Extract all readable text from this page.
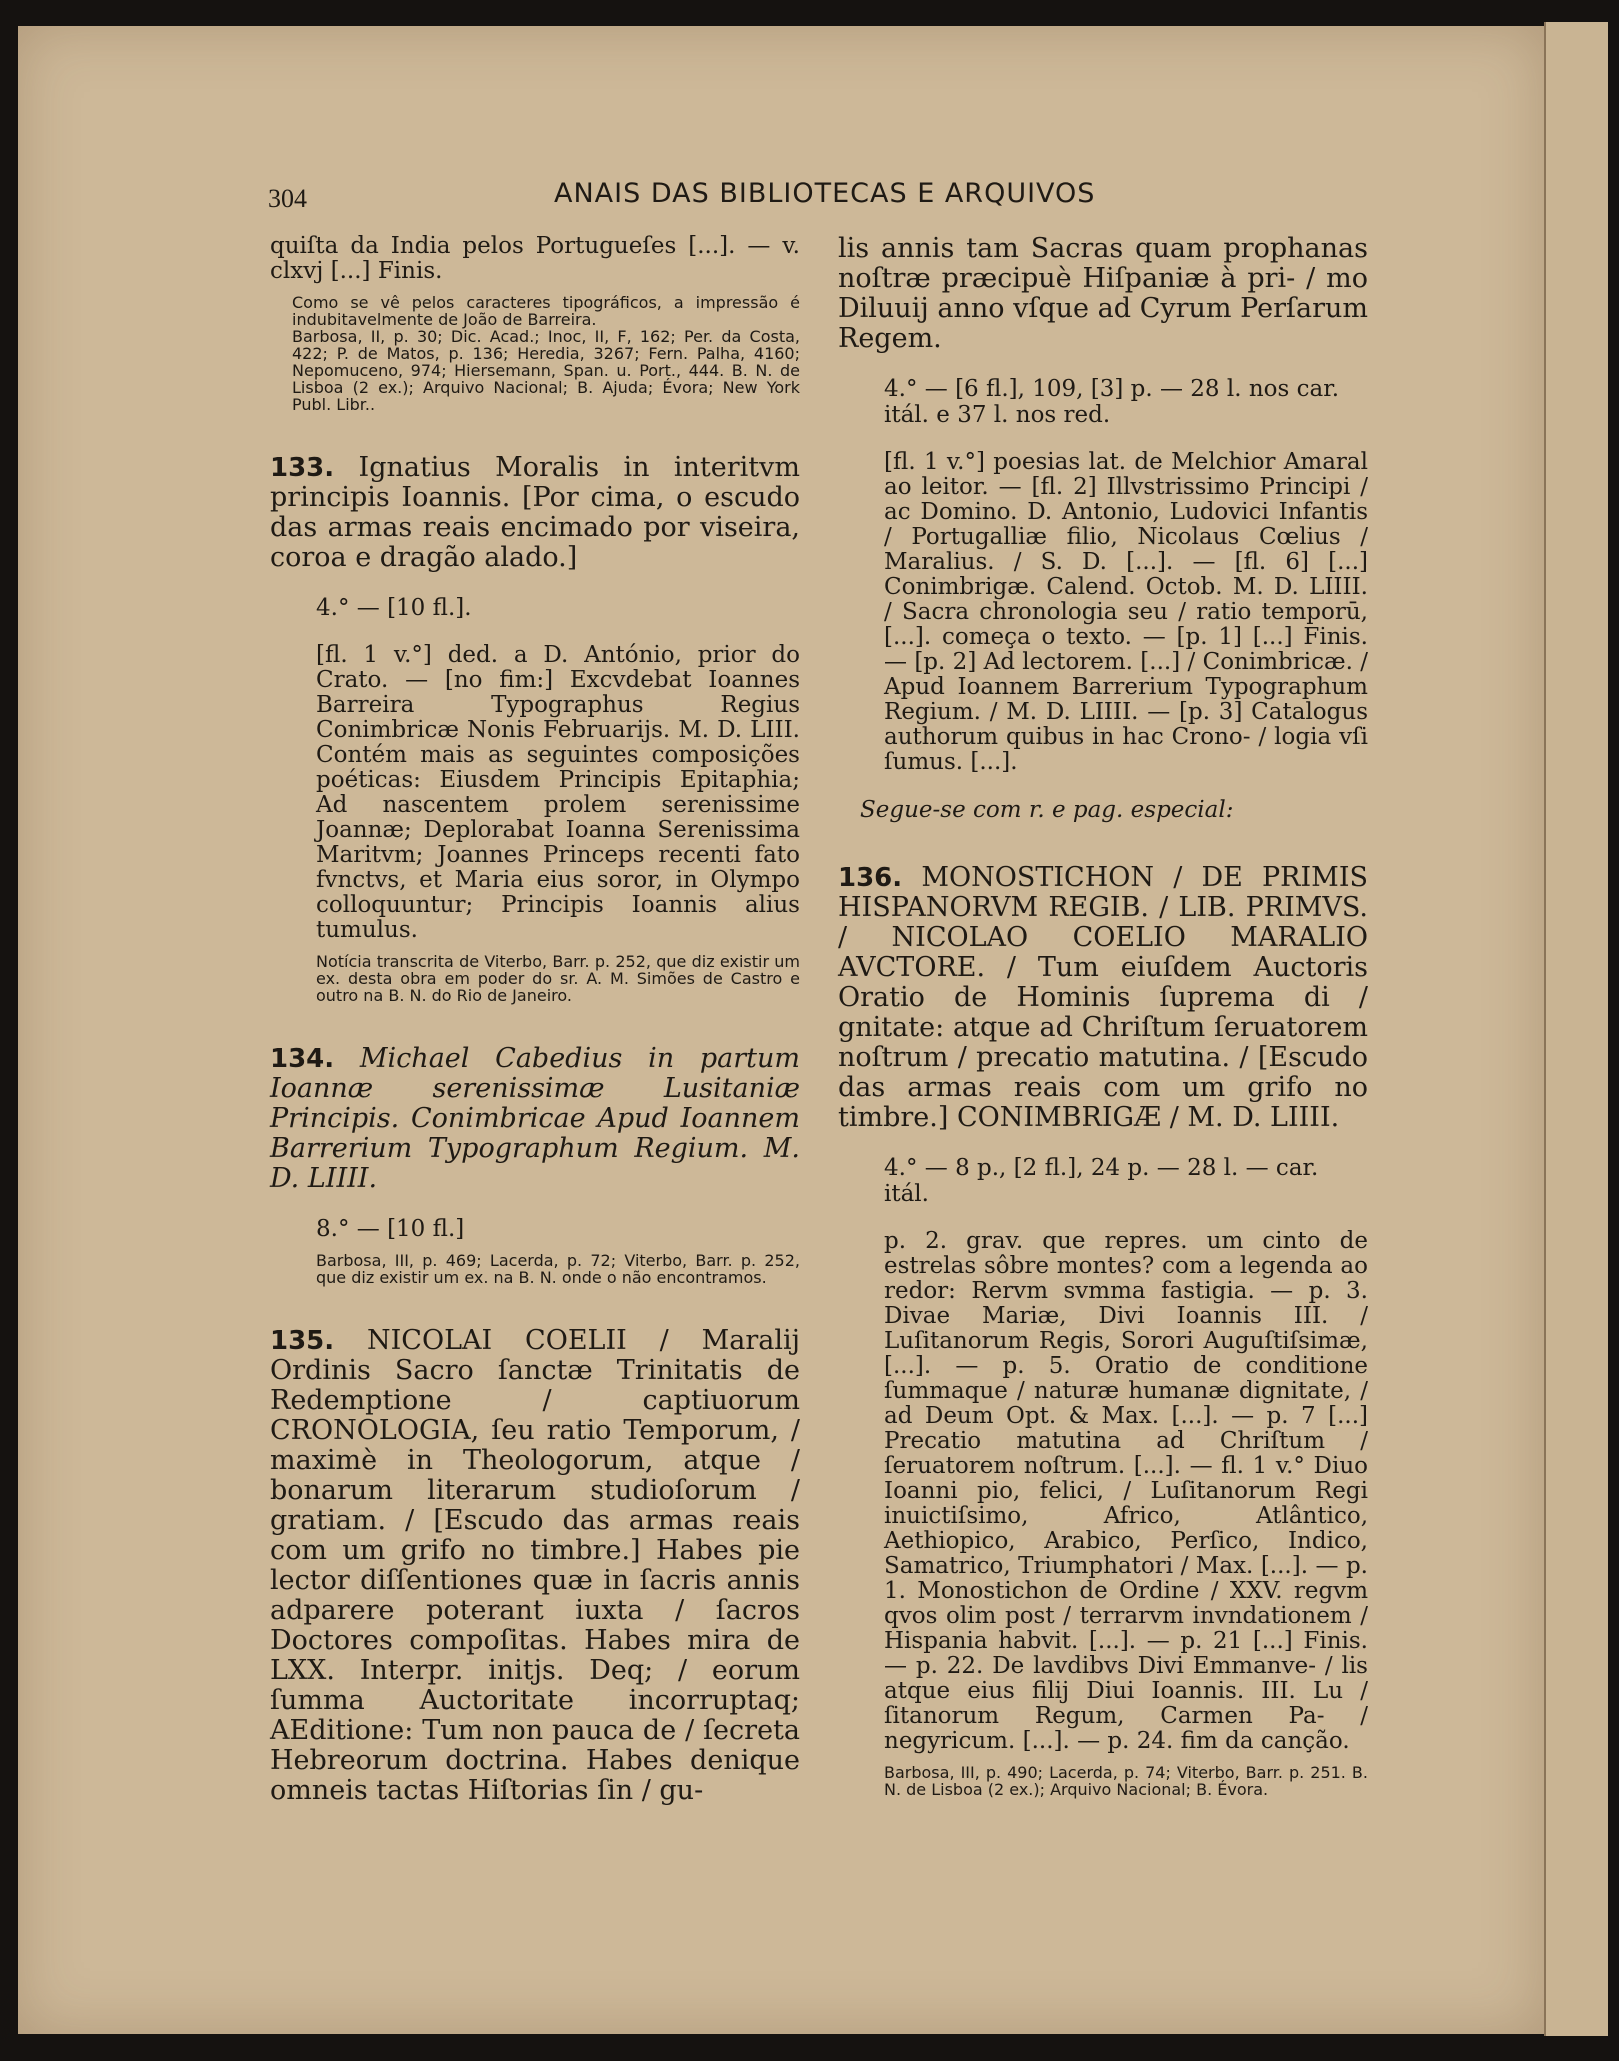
304	ANAIS DAS BIBLIOTECAS E ARQUIVOS

quiſta da India pelos Portugueſes [...]. — v. clxvj [...] Finis.

Como se vê pelos caracteres tipográficos, a impressão é indubitavelmente de João de Barreira.

Barbosa, II, p. 30; Dic. Acad.; Inoc, II, F, 162; Per. da Costa, 422; P. de Matos, p. 136; Heredia, 3267; Fern. Palha, 4160; Nepomuceno, 974; Hiersemann, Span. u. Port., 444. B. N. de Lisboa (2 ex.); Arquivo Nacional; B. Ajuda; Évora; New York Publ. Libr..

133. Ignatius Moralis in interitvm principis Ioannis. [Por cima, o escudo das armas reais encimado por viseira, coroa e dragão alado.]

4.° — [10 fl.].

[fl. 1 v.°] ded. a D. António, prior do Crato. — [no fim:] Excvdebat Ioannes Barreira Typographus Regius Conimbricæ Nonis Februarijs. M. D. LIII. Contém mais as seguintes composições poéticas: Eiusdem Principis Epitaphia; Ad nascentem prolem serenissime Joannæ; Deplorabat Ioanna Serenissima Maritvm; Joannes Princeps recenti fato fvnctvs, et Maria eius soror, in Olympo colloquuntur; Principis Ioannis alius tumulus.

Notícia transcrita de Viterbo, Barr. p. 252, que diz existir um ex. desta obra em poder do sr. A. M. Simões de Castro e outro na B. N. do Rio de Janeiro.

134. Michael Cabedius in partum Ioannæ serenissimæ Lusitaniæ Principis. Conimbricae Apud Ioannem Barrerium Typographum Regium. M. D. LIIII.

8.° — [10 fl.]

Barbosa, III, p. 469; Lacerda, p. 72; Viterbo, Barr. p. 252, que diz existir um ex. na B. N. onde o não encontramos.

135. NICOLAI COELII / Maralij Ordinis Sacro ſanctæ Trinitatis de Redemptione / captiuorum CRONOLOGIA, ſeu ratio Temporum, / maximè in Theologorum, atque / bonarum literarum studioſorum / gratiam. / [Escudo das armas reais com um grifo no timbre.] Habes pie lector diſſentiones quæ in ſacris annis adparere poterant iuxta / ſacros Doctores compoſitas. Habes mira de LXX. Interpr. initjs. Deq; / eorum ſumma Auctoritate incorruptaq; AEditione: Tum non pauca de / ſecreta Hebreorum doctrina. Habes denique omneis tactas Hiſtorias ſin / gu-

lis annis tam Sacras quam prophanas noſtræ præcipuè Hiſpaniæ à pri- / mo Diluuij anno vſque ad Cyrum Perſarum Regem.

4.° — [6 fl.], 109, [3] p. — 28 l. nos car. itál. e 37 l. nos red.

[fl. 1 v.°] poesias lat. de Melchior Amaral ao leitor. — [fl. 2] Illvstrissimo Principi / ac Domino. D. Antonio, Ludovici Infantis / Portugalliæ filio, Nicolaus Cœlius / Maralius. / S. D. [...]. — [fl. 6] [...] Conimbrigæ. Calend. Octob. M. D. LIIII. / Sacra chronologia seu / ratio temporū, [...]. começa o texto. — [p. 1] [...] Finis. — [p. 2] Ad lectorem. [...] / Conimbricæ. / Apud Ioannem Barrerium Typographum Regium. / M. D. LIIII. — [p. 3] Catalogus authorum quibus in hac Crono- / logia vſi ſumus. [...].

Segue-se com r. e pag. especial:

136. MONOSTICHON / DE PRIMIS HISPANORVM REGIB. / LIB. PRIMVS. / NICOLAO COELIO MARALIO AVCTORE. / Tum eiuſdem Auctoris Oratio de Hominis ſuprema di / gnitate: atque ad Chriſtum ſeruatorem noſtrum / precatio matutina. / [Escudo das armas reais com um grifo no timbre.] CONIMBRIGÆ / M. D. LIIII.

4.° — 8 p., [2 fl.], 24 p. — 28 l. — car. itál.

p. 2. grav. que repres. um cinto de estrelas sôbre montes? com a legenda ao redor: Rervm svmma fastigia. — p. 3. Divae Mariæ, Divi Ioannis III. / Luſitanorum Regis, Sorori Auguſtiſsimæ, [...]. — p. 5. Oratio de conditione ſummaque / naturæ humanæ dignitate, / ad Deum Opt. & Max. [...]. — p. 7 [...] Precatio matutina ad Chriſtum / ſeruatorem noſtrum. [...]. — fl. 1 v.° Diuo Ioanni pio, felici, / Luſitanorum Regi inuictiſsimo, Africo, Atlântico, Aethiopico, Arabico, Perſico, Indico, Samatrico, Triumphatori / Max. [...]. — p. 1. Monostichon de Ordine / XXV. regvm qvos olim post / terrarvm invndationem / Hispania habvit. [...]. — p. 21 [...] Finis. — p. 22. De lavdibvs Divi Emmanve- / lis atque eius filij Diui Ioannis. III. Lu / ſitanorum Regum, Carmen Pa- / negyricum. [...]. — p. 24. fim da canção.

Barbosa, III, p. 490; Lacerda, p. 74; Viterbo, Barr. p. 251. B. N. de Lisboa (2 ex.); Arquivo Nacional; B. Évora.
